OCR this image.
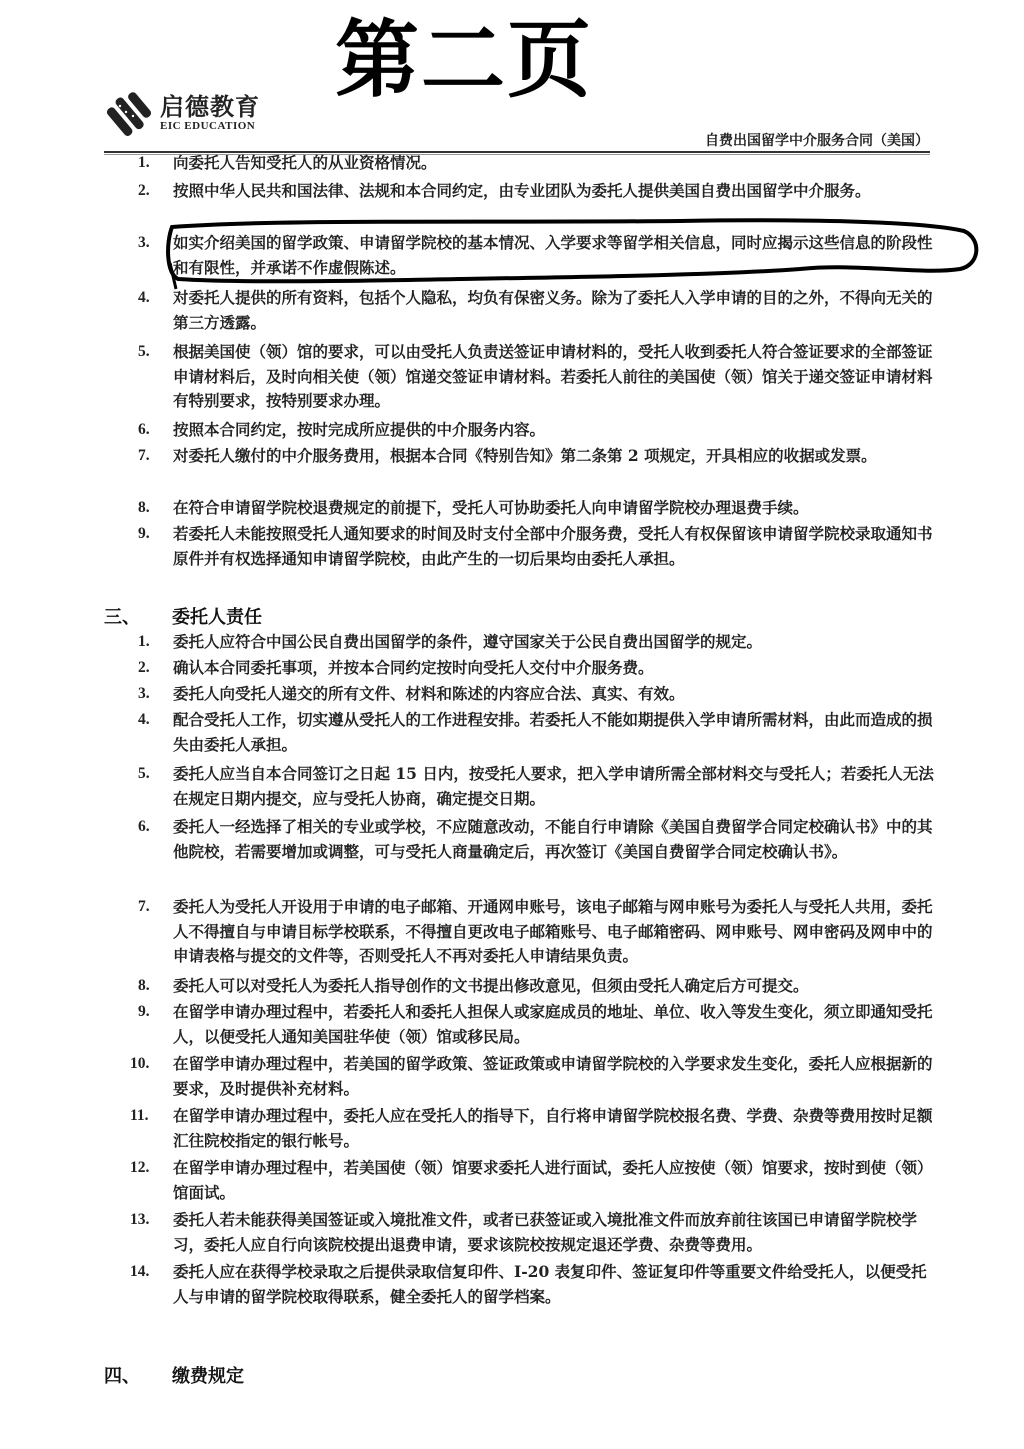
第二页
启德教育
EIC EDUCATION
自费出国留学中介服务合同（美国）
1.	向委托人告知受托人的从业资格情况。
2.	按照中华人民共和国法律、法规和本合同约定，由专业团队为委托人提供美国自费出国留学中介服务。
3.	如实介绍美国的留学政策、申请留学院校的基本情况、入学要求等留学相关信息，同时应揭示这些信息的阶段性和有限性，并承诺不作虚假陈述。
4.	对委托人提供的所有资料，包括个人隐私，均负有保密义务。除为了委托人入学申请的目的之外，不得向无关的第三方透露。
5.	根据美国使（领）馆的要求，可以由受托人负责送签证申请材料的，受托人收到委托人符合签证要求的全部签证申请材料后，及时向相关使（领）馆递交签证申请材料。若委托人前往的美国使（领）馆关于递交签证申请材料有特别要求，按特别要求办理。
6.	按照本合同约定，按时完成所应提供的中介服务内容。
7.	对委托人缴付的中介服务费用，根据本合同《特别告知》第二条第 2 项规定，开具相应的收据或发票。
8.	在符合申请留学院校退费规定的前提下，受托人可协助委托人向申请留学院校办理退费手续。
9.	若委托人未能按照受托人通知要求的时间及时支付全部中介服务费，受托人有权保留该申请留学院校录取通知书原件并有权选择通知申请留学院校，由此产生的一切后果均由委托人承担。
三、 委托人责任
1.	委托人应符合中国公民自费出国留学的条件，遵守国家关于公民自费出国留学的规定。
2.	确认本合同委托事项，并按本合同约定按时向受托人交付中介服务费。
3.	委托人向受托人递交的所有文件、材料和陈述的内容应合法、真实、有效。
4.	配合受托人工作，切实遵从受托人的工作进程安排。若委托人不能如期提供入学申请所需材料，由此而造成的损失由委托人承担。
5.	委托人应当自本合同签订之日起 15 日内，按受托人要求，把入学申请所需全部材料交与受托人；若委托人无法在规定日期内提交，应与受托人协商，确定提交日期。
6.	委托人一经选择了相关的专业或学校，不应随意改动，不能自行申请除《美国自费留学合同定校确认书》中的其他院校，若需要增加或调整，可与受托人商量确定后，再次签订《美国自费留学合同定校确认书》。
7.	委托人为受托人开设用于申请的电子邮箱、开通网申账号，该电子邮箱与网申账号为委托人与受托人共用，委托人不得擅自与申请目标学校联系，不得擅自更改电子邮箱账号、电子邮箱密码、网申账号、网申密码及网申中的申请表格与提交的文件等，否则受托人不再对委托人申请结果负责。
8.	委托人可以对受托人为委托人指导创作的文书提出修改意见，但须由受托人确定后方可提交。
9.	在留学申请办理过程中，若委托人和委托人担保人或家庭成员的地址、单位、收入等发生变化，须立即通知受托人，以便受托人通知美国驻华使（领）馆或移民局。
10.	在留学申请办理过程中，若美国的留学政策、签证政策或申请留学院校的入学要求发生变化，委托人应根据新的要求，及时提供补充材料。
11.	在留学申请办理过程中，委托人应在受托人的指导下，自行将申请留学院校报名费、学费、杂费等费用按时足额汇往院校指定的银行帐号。
12.	在留学申请办理过程中，若美国使（领）馆要求委托人进行面试，委托人应按使（领）馆要求，按时到使（领）馆面试。
13.	委托人若未能获得美国签证或入境批准文件，或者已获签证或入境批准文件而放弃前往该国已申请留学院校学习，委托人应自行向该院校提出退费申请，要求该院校按规定退还学费、杂费等费用。
14.	委托人应在获得学校录取之后提供录取信复印件、I-20 表复印件、签证复印件等重要文件给受托人，以便受托人与申请的留学院校取得联系，健全委托人的留学档案。
四、 缴费规定
